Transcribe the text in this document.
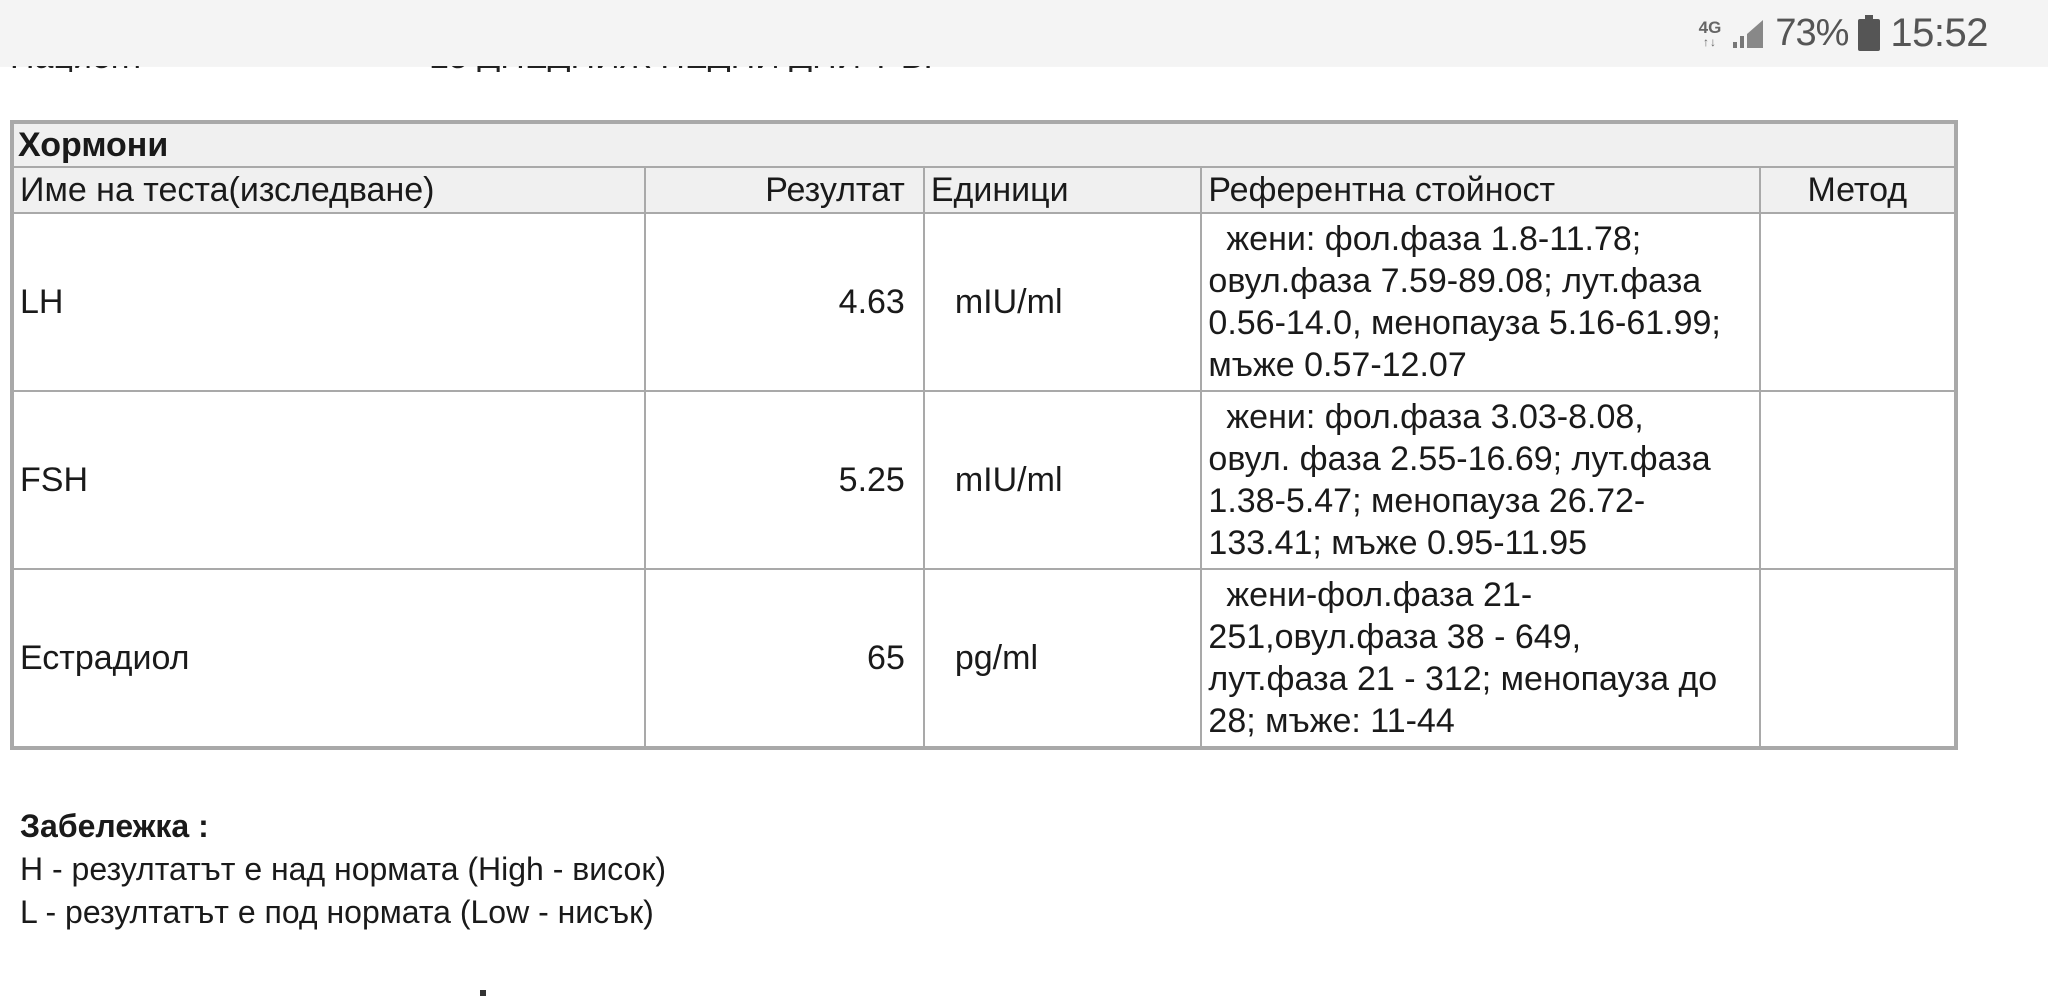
4G
↑↓ 73% 15:52
Хормони				
Име на теста(изследване)	Резултат	Единици	Референтна стойност	Метод
LH	4.63	mIU/ml	жени: фол.фаза 1.8-11.78;
овул.фаза 7.59-89.08; лут.фаза
0.56-14.0, менопауза 5.16-61.99;
мъже 0.57-12.07	

FSH	5.25	mIU/ml	жени: фол.фаза 3.03-8.08,
овул. фаза 2.55-16.69; лут.фаза
1.38-5.47; менопауза 26.72-
133.41; мъже 0.95-11.95	

Естрадиол	65	pg/ml	жени-фол.фаза 21-
251,овул.фаза 38 - 649,
лут.фаза 21 - 312; менопауза до
28; мъже: 11-44	

Забележка :
H - резултатът е над нормата (High - висок)
L - резултатът е под нормата (Low - нисък)
